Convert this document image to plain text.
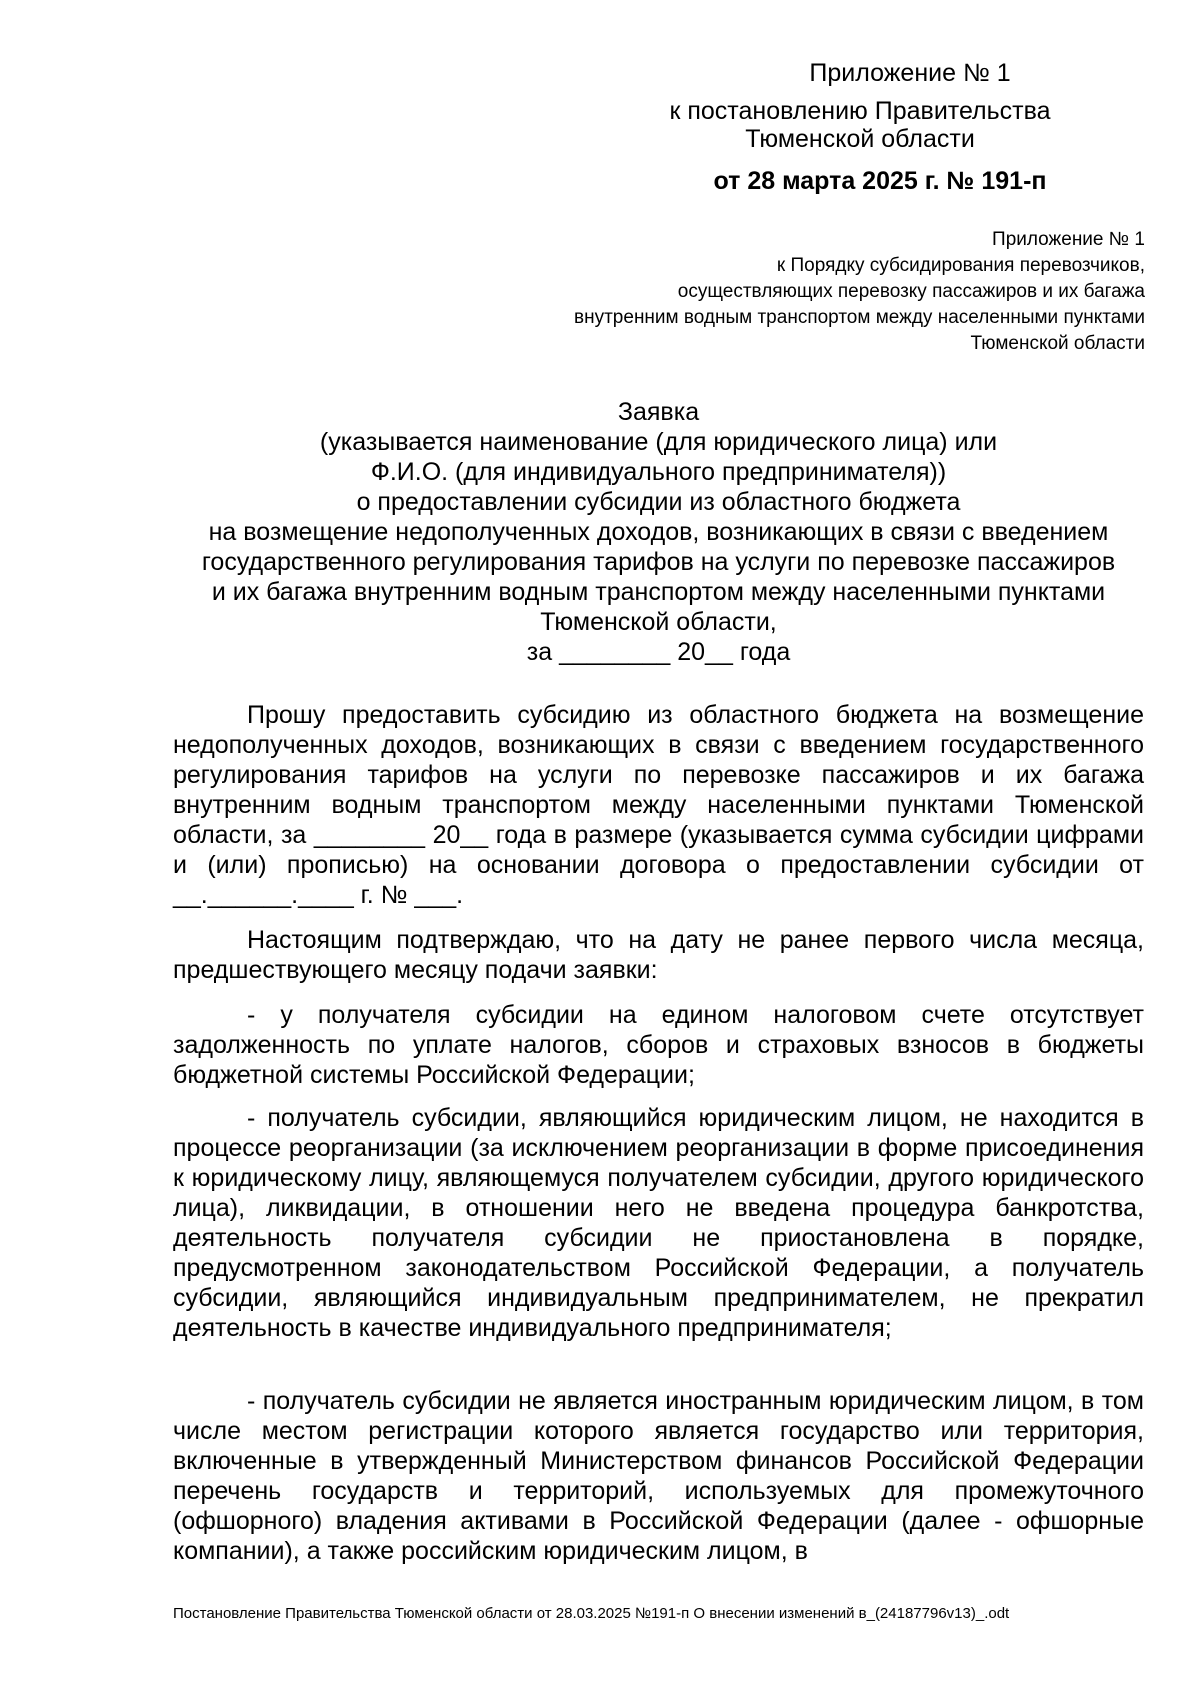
Приложение № 1
к постановлению Правительства
Тюменской области
от 28 марта 2025 г. № 191-п
Приложение № 1
к Порядку субсидирования перевозчиков,
осуществляющих перевозку пассажиров и их багажа
внутренним водным транспортом между населенными пунктами
Тюменской области
Заявка
(указывается наименование (для юридического лица) или
Ф.И.О. (для индивидуального предпринимателя))
о предоставлении субсидии из областного бюджета
на возмещение недополученных доходов, возникающих в связи с введением
государственного регулирования тарифов на услуги по перевозке пассажиров
и их багажа внутренним водным транспортом между населенными пунктами
Тюменской области,
за ________ 20__ года
Прошу предоставить субсидию из областного бюджета на возмещение недополученных доходов, возникающих в связи с введением государственного регулирования тарифов на услуги по перевозке пассажиров и их багажа внутренним водным транспортом между населенными пунктами Тюменской области, за ________ 20__ года в размере (указывается сумма субсидии цифрами и (или) прописью) на основании договора о предоставлении субсидии от __.______.____ г. № ___.
Настоящим подтверждаю, что на дату не ранее первого числа месяца, предшествующего месяцу подачи заявки:
- у получателя субсидии на едином налоговом счете отсутствует задолженность по уплате налогов, сборов и страховых взносов в бюджеты бюджетной системы Российской Федерации;
- получатель субсидии, являющийся юридическим лицом, не находится в процессе реорганизации (за исключением реорганизации в форме присоединения к юридическому лицу, являющемуся получателем субсидии, другого юридического лица), ликвидации, в отношении него не введена процедура банкротства, деятельность получателя субсидии не приостановлена в порядке, предусмотренном законодательством Российской Федерации, а получатель субсидии, являющийся индивидуальным предпринимателем, не прекратил деятельность в качестве индивидуального предпринимателя;
- получатель субсидии не является иностранным юридическим лицом, в том числе местом регистрации которого является государство или территория, включенные в утвержденный Министерством финансов Российской Федерации перечень государств и территорий, используемых для промежуточного (офшорного) владения активами в Российской Федерации (далее - офшорные компании), а также российским юридическим лицом, в
Постановление Правительства Тюменской области от 28.03.2025 №191-п О внесении изменений в_(24187796v13)_.odt
